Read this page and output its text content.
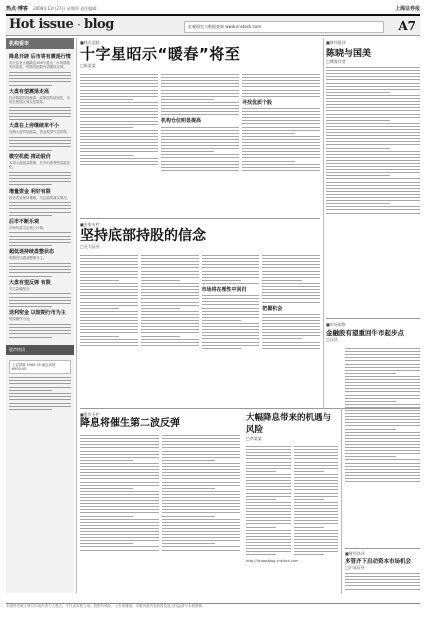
热点·博客 2008年11月27日 星期四 责任编辑：	上海证券报
Hot issue · blog	宏观研究与数据查询 www.cnstock.com	A7
机构看市
降息开辟 后市将有震荡行情
央行宣布大幅降息108个基点，市场情绪有所改善，短期内指数有望继续反弹。
大盘有望震荡走高
经济数据持续疲弱，政策面持续宽松，市场在底部区域反复震荡。
大盘在上旁继续来不小
近期大盘持续缩量，资金观望气氛浓厚。
微空机能 推动股价
本周大盘缩量整理，后市仍需观察量能变化。
增量资金 利好有限
投资者宜保持谨慎，关注政策落实情况。
后市不断乐观
市场有望走出独立行情。
超低迷持续盘整状态
短期仍以震荡整理为主。
大盘有望反弹 有限
关注量能配合。
送利密金 以短期行市为主
短线操作为宜。
股市快讯
上证指数 1969.78 深证成指 6900.45
■热点追踪
十字星昭示“暖春”将至
□陈某某
机构仓位明显提高
寻找优质个股
■专家专栏
坚持底部持股的信念
□光大证券
市场将在理性中回归
把握机会
■股市专栏
降息将催生第二波反弹	大幅降息带来的机遇与风险
□李某某
http://lixiaosblog.cnstock.com
■财经时评
陈晓与国美
□博客作者
■市场观察
金融股有望重回牛市起步点
□汉昌
■财经快评
多管齐下启动资本市场机会
□沪深证券
本版所刊载文章仅代表作者个人观点，不代表本报立场。投资有风险，入市须谨慎。本版刊载内容如涉及他人权益请与本报联系。
